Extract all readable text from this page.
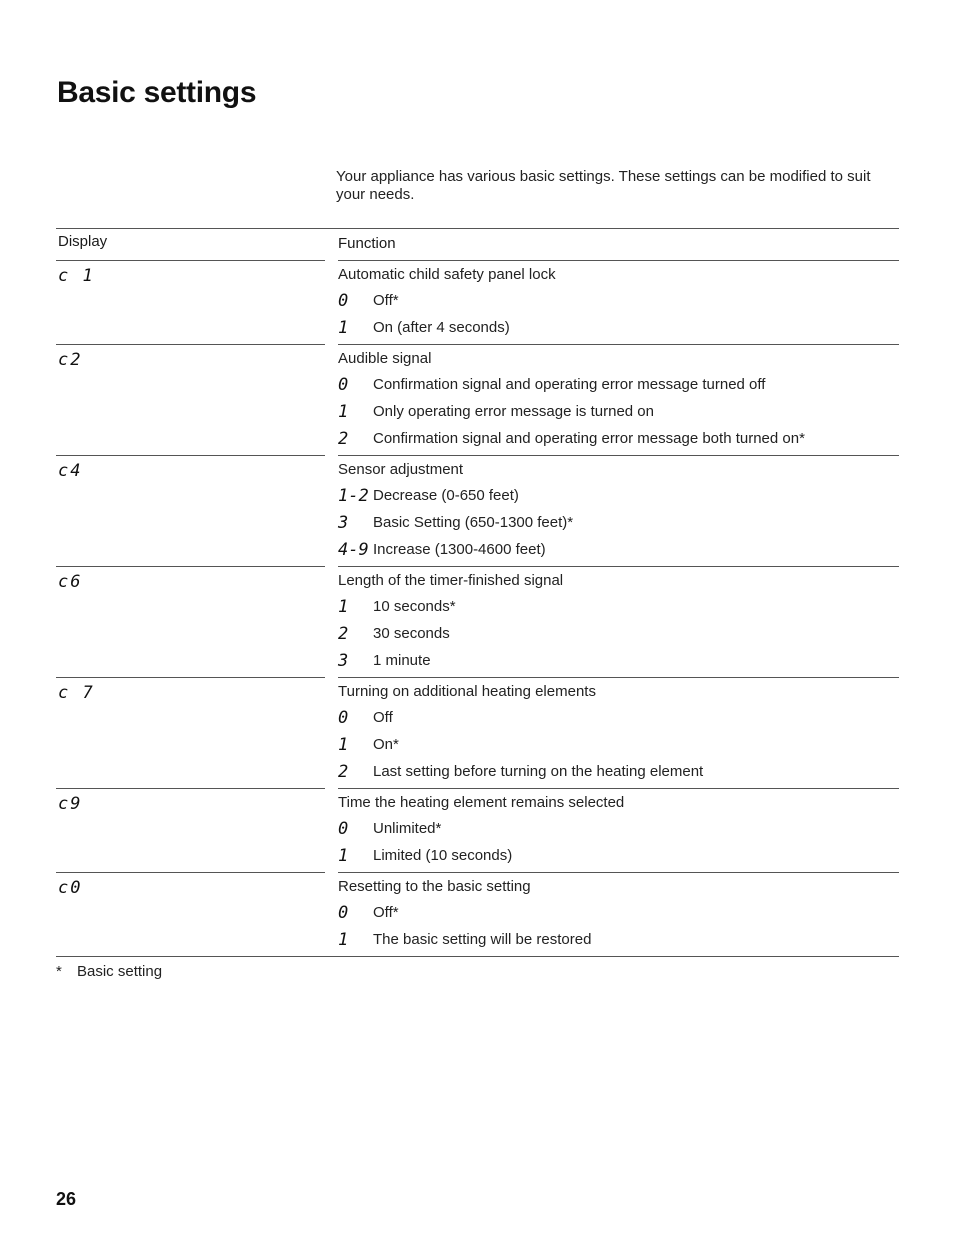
Basic settings
Your appliance has various basic settings. These settings can be modified to suit your needs.
Display	Function
c 1	Automatic child safety panel lock
0 Off*
1 On (after 4 seconds)
c2	Audible signal
0 Confirmation signal and operating error message turned off
1 Only operating error message is turned on
2 Confirmation signal and operating error message both turned on*
c4	Sensor adjustment
1-2 Decrease (0-650 feet)
3 Basic Setting (650-1300 feet)*
4-9 Increase (1300-4600 feet)
c6	Length of the timer-finished signal
1 10 seconds*
2 30 seconds
3 1 minute
c 7	Turning on additional heating elements
0 Off
1 On*
2 Last setting before turning on the heating element
c9	Time the heating element remains selected
0 Unlimited*
1 Limited (10 seconds)
c0	Resetting to the basic setting
0 Off*
1 The basic setting will be restored
* Basic setting
26
